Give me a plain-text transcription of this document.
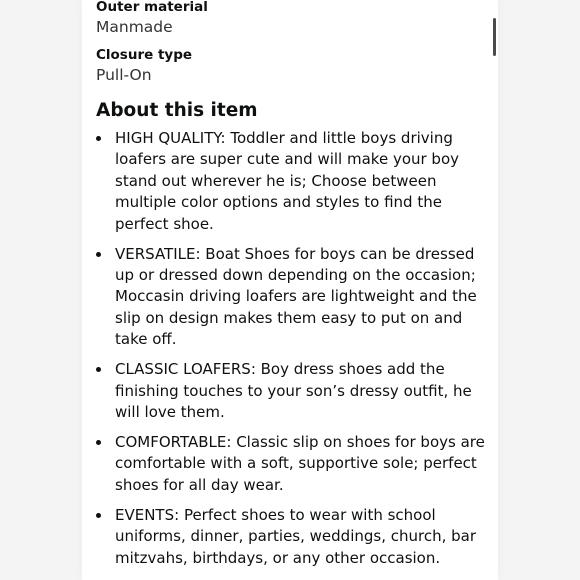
Outer material

Manmade

Closure type

Pull-On

About this item
HIGH QUALITY: Toddler and little boys driving loafers are super cute and will make your boy stand out wherever he is; Choose between multiple color options and styles to find the perfect shoe.
VERSATILE: Boat Shoes for boys can be dressed up or dressed down depending on the occasion; Moccasin driving loafers are lightweight and the slip on design makes them easy to put on and take off.
CLASSIC LOAFERS: Boy dress shoes add the finishing touches to your son’s dressy outfit, he will love them.
COMFORTABLE: Classic slip on shoes for boys are comfortable with a soft, supportive sole; perfect shoes for all day wear.
EVENTS: Perfect shoes to wear with school uniforms, dinner, parties, weddings, church, bar mitzvahs, birthdays, or any other occasion.
